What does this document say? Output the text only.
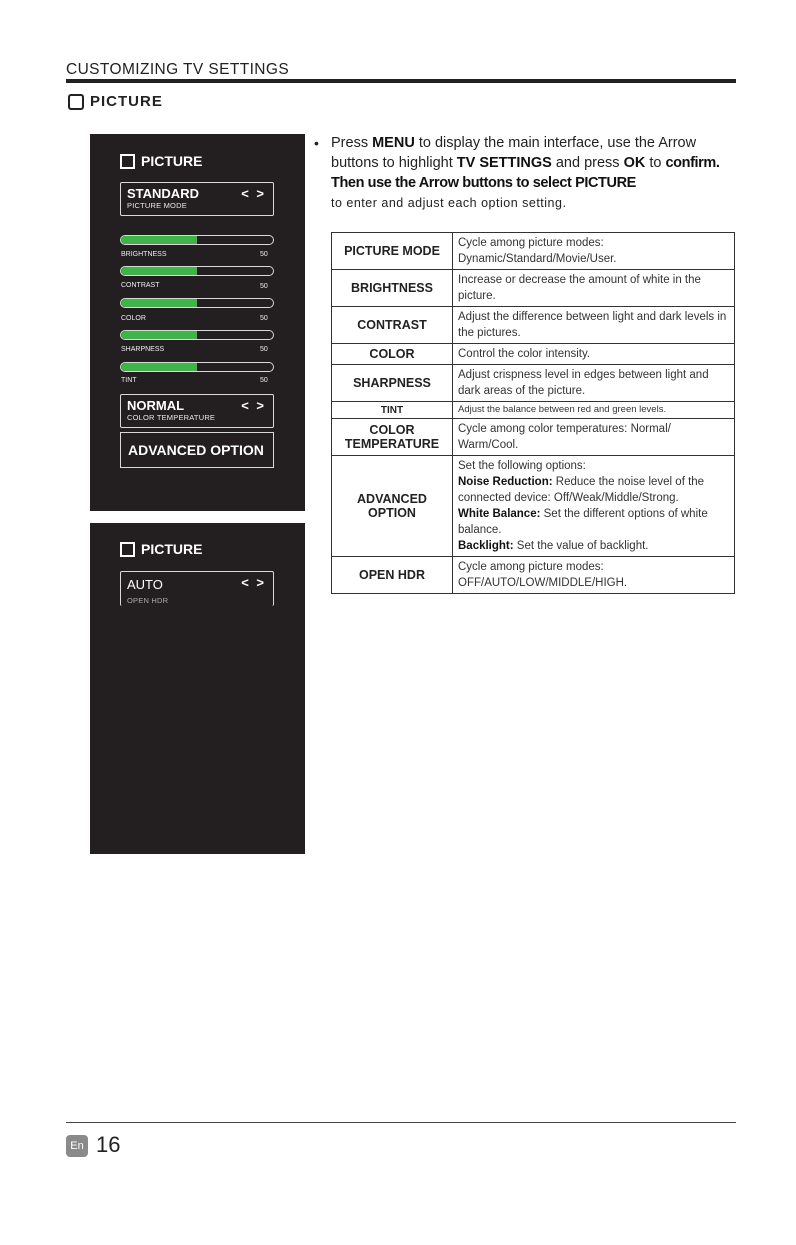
CUSTOMIZING TV SETTINGS
PICTURE
PICTURE
STANDARD
PICTURE MODE
< >
BRIGHTNESS	50
CONTRAST	50
COLOR	50
SHARPNESS	50
TINT	50
NORMAL
COLOR TEMPERATURE
< >
ADVANCED OPTION
PICTURE
AUTO
OPEN HDR
< >
• Press MENU to display the main interface, use the Arrow buttons to highlight TV SETTINGS and press OK to confirm. Then use the Arrow buttons to select PICTURE
to enter and adjust each option setting.
PICTURE MODE	Cycle among picture modes: Dynamic/Standard/Movie/User.
BRIGHTNESS	Increase or decrease the amount of white in the picture.
CONTRAST	Adjust the difference between light and dark levels in the pictures.
COLOR	Control the color intensity.
SHARPNESS	Adjust crispness level in edges between light and dark areas of the picture.
TINT	Adjust the balance between red and green levels.
COLOR TEMPERATURE	Cycle among color temperatures: Normal/ Warm/Cool.
ADVANCED OPTION	Set the following options:
Noise Reduction: Reduce the noise level of the connected device: Off/Weak/Middle/Strong.
White Balance: Set the different options of white balance.
Backlight: Set the value of backlight.

OPEN HDR	Cycle among picture modes: OFF/AUTO/LOW/MIDDLE/HIGH.
En 16
